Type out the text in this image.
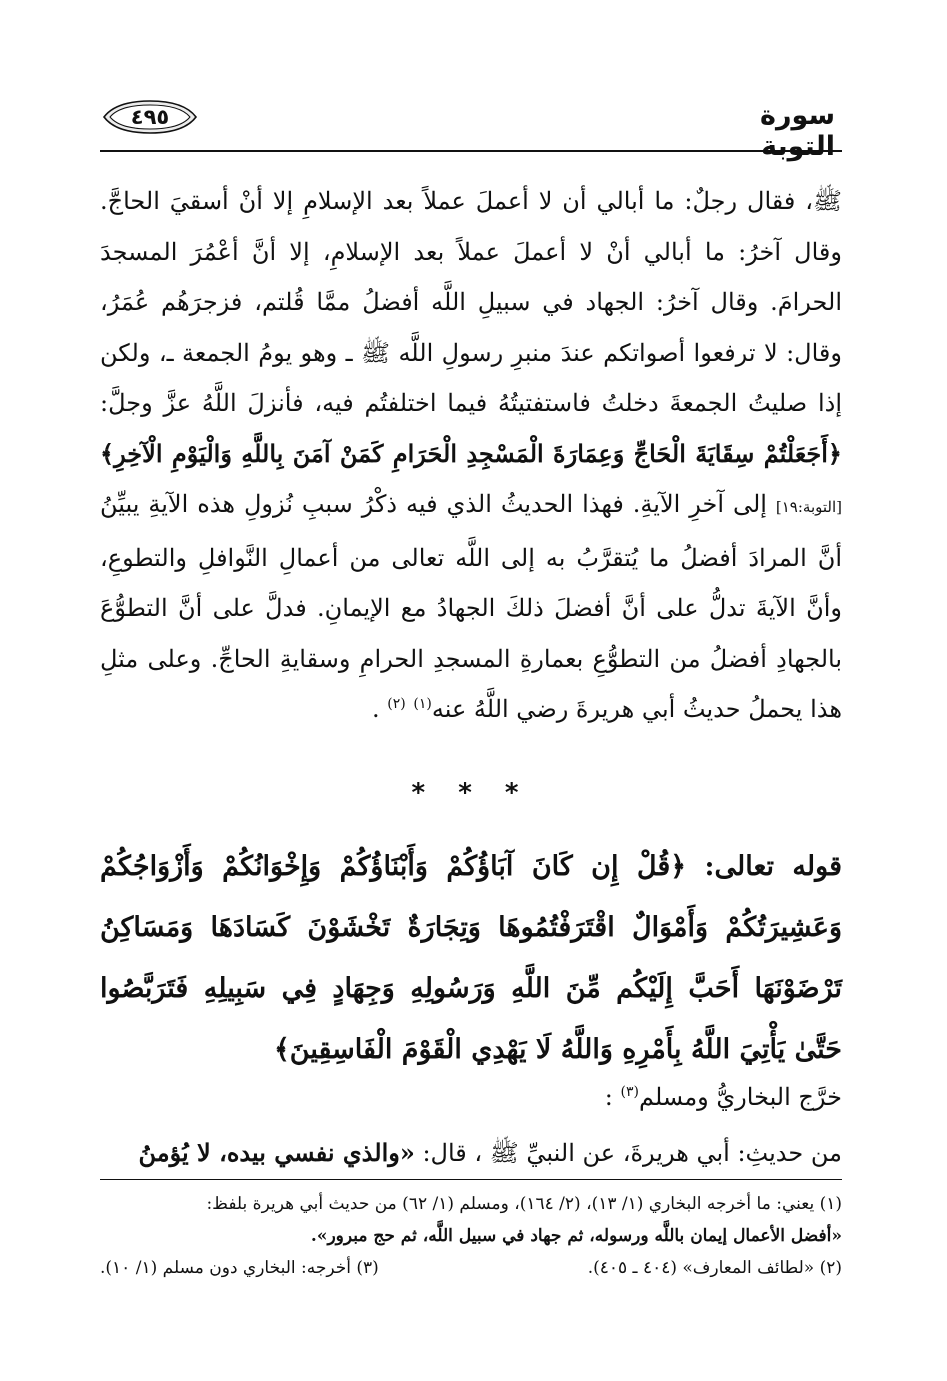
سورة التوبة
٤٩٥

ﷺ، فقال رجلٌ: ما أبالي أن لا أعملَ عملاً بعد الإسلامِ إلا أنْ أسقيَ الحاجَّ. وقال آخرُ: ما أبالي أنْ لا أعملَ عملاً بعد الإسلامِ، إلا أنَّ أعْمُرَ المسجدَ الحرامَ. وقال آخرُ: الجهاد في سبيلِ اللَّه أفضلُ ممَّا قُلتم، فزجرَهُم عُمَرُ، وقال: لا ترفعوا أصواتكم عندَ منبرِ رسولِ اللَّه ﷺ ـ وهو يومُ الجمعة ـ، ولكن إذا صليتُ الجمعةَ دخلتُ فاستفتيتُهُ فيما اختلفتُم فيه، فأنزلَ اللَّهُ عزَّ وجلَّ: ﴿أَجَعَلْتُمْ سِقَايَةَ الْحَاجِّ وَعِمَارَةَ الْمَسْجِدِ الْحَرَامِ كَمَنْ آمَنَ بِاللَّهِ وَالْيَوْمِ الْآخِرِ﴾ [التوبة:١٩] إلى آخرِ الآيةِ. فهذا الحديثُ الذي فيه ذكْرُ سببِ نُزولِ هذه الآيةِ يبيِّنُ أنَّ المرادَ أفضلُ ما يُتقرَّبُ به إلى اللَّه تعالى من أعمالِ النَّوافلِ والتطوعِ، وأنَّ الآيةَ تدلُّ على أنَّ أفضلَ ذلكَ الجهادُ مع الإيمانِ. فدلَّ على أنَّ التطوُّعَ بالجهادِ أفضلُ من التطوُّعِ بعمارةِ المسجدِ الحرامِ وسقايةِ الحاجِّ. وعلى مثلِ هذا يحملُ حديثُ أبي هريرةَ رضي اللَّهُ عنه$^{(١)}$ $^{(٢)}$ .

* * *

قوله تعالى: ﴿قُلْ إِن كَانَ آبَاؤُكُمْ وَأَبْنَاؤُكُمْ وَإِخْوَانُكُمْ وَأَزْوَاجُكُمْ وَعَشِيرَتُكُمْ وَأَمْوَالٌ اقْتَرَفْتُمُوهَا وَتِجَارَةٌ تَخْشَوْنَ كَسَادَهَا وَمَسَاكِنُ تَرْضَوْنَهَا أَحَبَّ إِلَيْكُم مِّنَ اللَّهِ وَرَسُولِهِ وَجِهَادٍ فِي سَبِيلِهِ فَتَرَبَّصُوا حَتَّىٰ يَأْتِيَ اللَّهُ بِأَمْرِهِ وَاللَّهُ لَا يَهْدِي الْقَوْمَ الْفَاسِقِينَ﴾

خرَّج البخاريُّ ومسلم$^{(٣)}$ :

من حديثِ: أبي هريرةَ، عن النبيِّ ﷺ ، قال: «والذي نفسي بيده، لا يُؤمنُ

(١) يعني: ما أخرجه البخاري (١/ ١٣)، (٢/ ١٦٤)، ومسلم (١/ ٦٢) من حديث أبي هريرة بلفظ:

«أفضل الأعمال إيمان باللَّه ورسوله، ثم جهاد في سبيل اللَّه، ثم حج مبرور».

(٢) «لطائف المعارف» (٤٠٤ ـ ٤٠٥).
(٣) أخرجه: البخاري دون مسلم (١/ ١٠).
